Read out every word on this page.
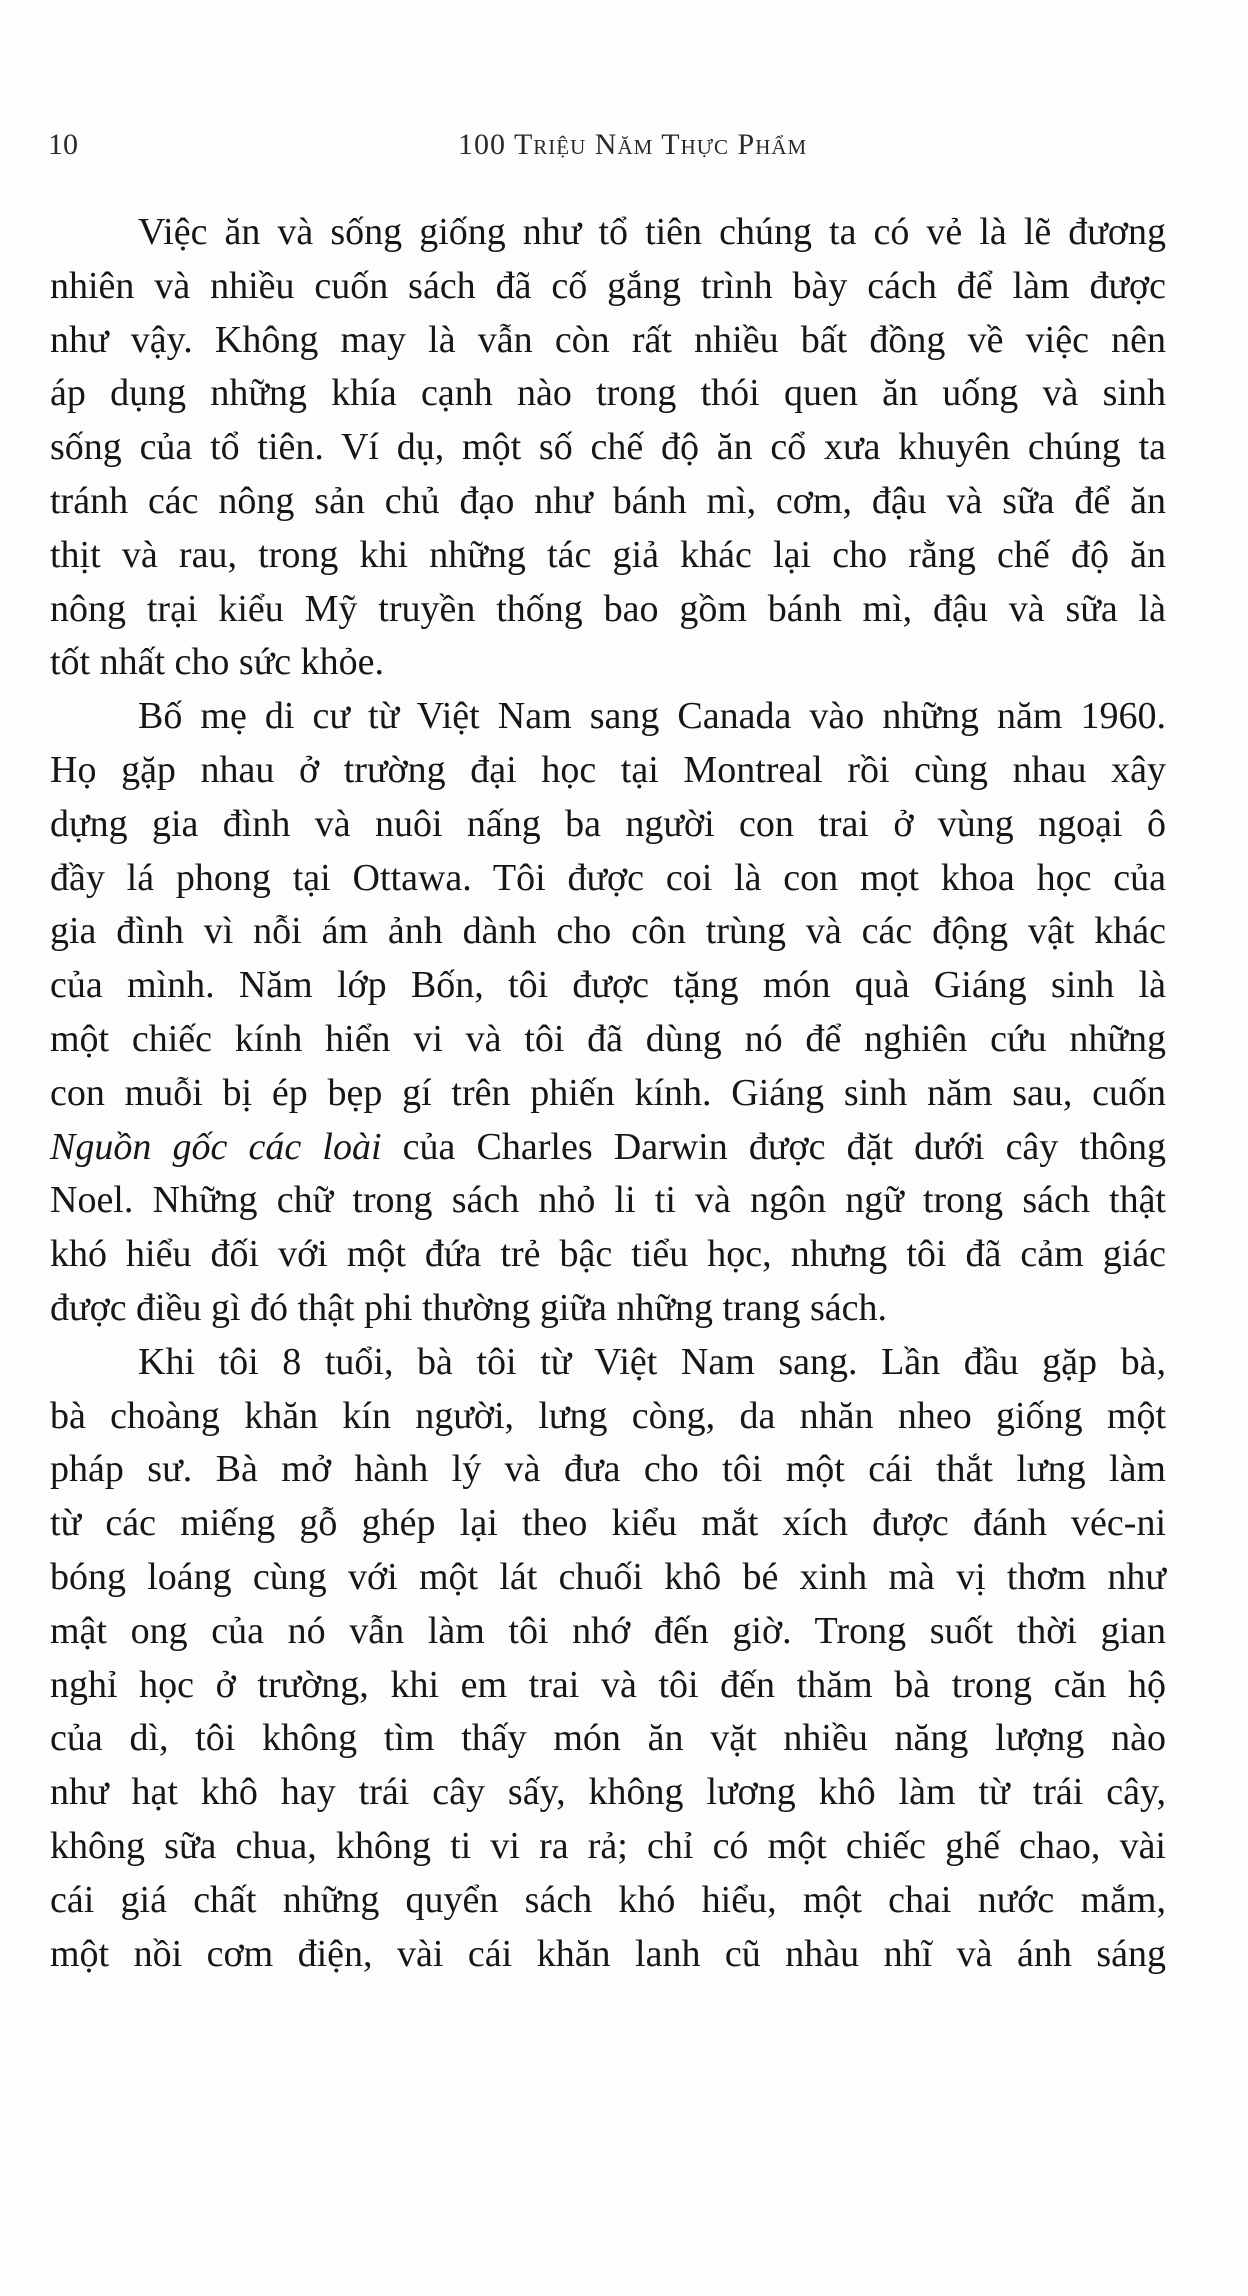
10	100 Triệu Năm Thực Phẩm
Việc ăn và sống giống như tổ tiên chúng ta có vẻ là lẽ đương
nhiên và nhiều cuốn sách đã cố gắng trình bày cách để làm được
như vậy. Không may là vẫn còn rất nhiều bất đồng về việc nên
áp dụng những khía cạnh nào trong thói quen ăn uống và sinh
sống của tổ tiên. Ví dụ, một số chế độ ăn cổ xưa khuyên chúng ta
tránh các nông sản chủ đạo như bánh mì, cơm, đậu và sữa để ăn
thịt và rau, trong khi những tác giả khác lại cho rằng chế độ ăn
nông trại kiểu Mỹ truyền thống bao gồm bánh mì, đậu và sữa là
tốt nhất cho sức khỏe.
Bố mẹ di cư từ Việt Nam sang Canada vào những năm 1960.
Họ gặp nhau ở trường đại học tại Montreal rồi cùng nhau xây
dựng gia đình và nuôi nấng ba người con trai ở vùng ngoại ô
đầy lá phong tại Ottawa. Tôi được coi là con mọt khoa học của
gia đình vì nỗi ám ảnh dành cho côn trùng và các động vật khác
của mình. Năm lớp Bốn, tôi được tặng món quà Giáng sinh là
một chiếc kính hiển vi và tôi đã dùng nó để nghiên cứu những
con muỗi bị ép bẹp gí trên phiến kính. Giáng sinh năm sau, cuốn
Nguồn gốc các loài của Charles Darwin được đặt dưới cây thông
Noel. Những chữ trong sách nhỏ li ti và ngôn ngữ trong sách thật
khó hiểu đối với một đứa trẻ bậc tiểu học, nhưng tôi đã cảm giác
được điều gì đó thật phi thường giữa những trang sách.
Khi tôi 8 tuổi, bà tôi từ Việt Nam sang. Lần đầu gặp bà,
bà choàng khăn kín người, lưng còng, da nhăn nheo giống một
pháp sư. Bà mở hành lý và đưa cho tôi một cái thắt lưng làm
từ các miếng gỗ ghép lại theo kiểu mắt xích được đánh véc-ni
bóng loáng cùng với một lát chuối khô bé xinh mà vị thơm như
mật ong của nó vẫn làm tôi nhớ đến giờ. Trong suốt thời gian
nghỉ học ở trường, khi em trai và tôi đến thăm bà trong căn hộ
của dì, tôi không tìm thấy món ăn vặt nhiều năng lượng nào
như hạt khô hay trái cây sấy, không lương khô làm từ trái cây,
không sữa chua, không ti vi ra rả; chỉ có một chiếc ghế chao, vài
cái giá chất những quyển sách khó hiểu, một chai nước mắm,
một nồi cơm điện, vài cái khăn lanh cũ nhàu nhĩ và ánh sáng
